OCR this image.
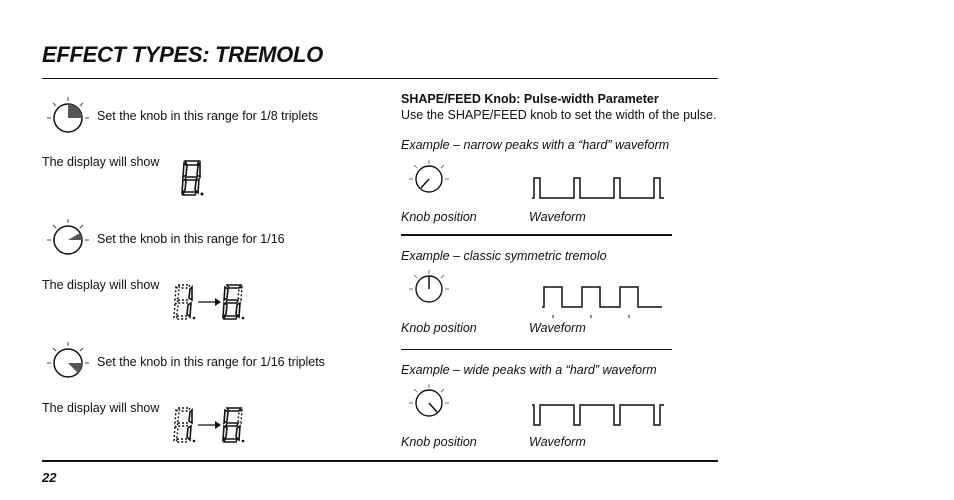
EFFECT TYPES: TREMOLO
Set the knob in this range for 1/8 triplets
The display will show
Set the knob in this range for 1/16
The display will show
Set the knob in this range for 1/16 triplets
The display will show
SHAPE/FEED Knob: Pulse-width Parameter
Use the SHAPE/FEED knob to set the width of the pulse.
Example – narrow peaks with a “hard” waveform
Knob position	Waveform
Example – classic symmetric tremolo
Knob position	Waveform
Example – wide peaks with a “hard” waveform
Knob position	Waveform
22
